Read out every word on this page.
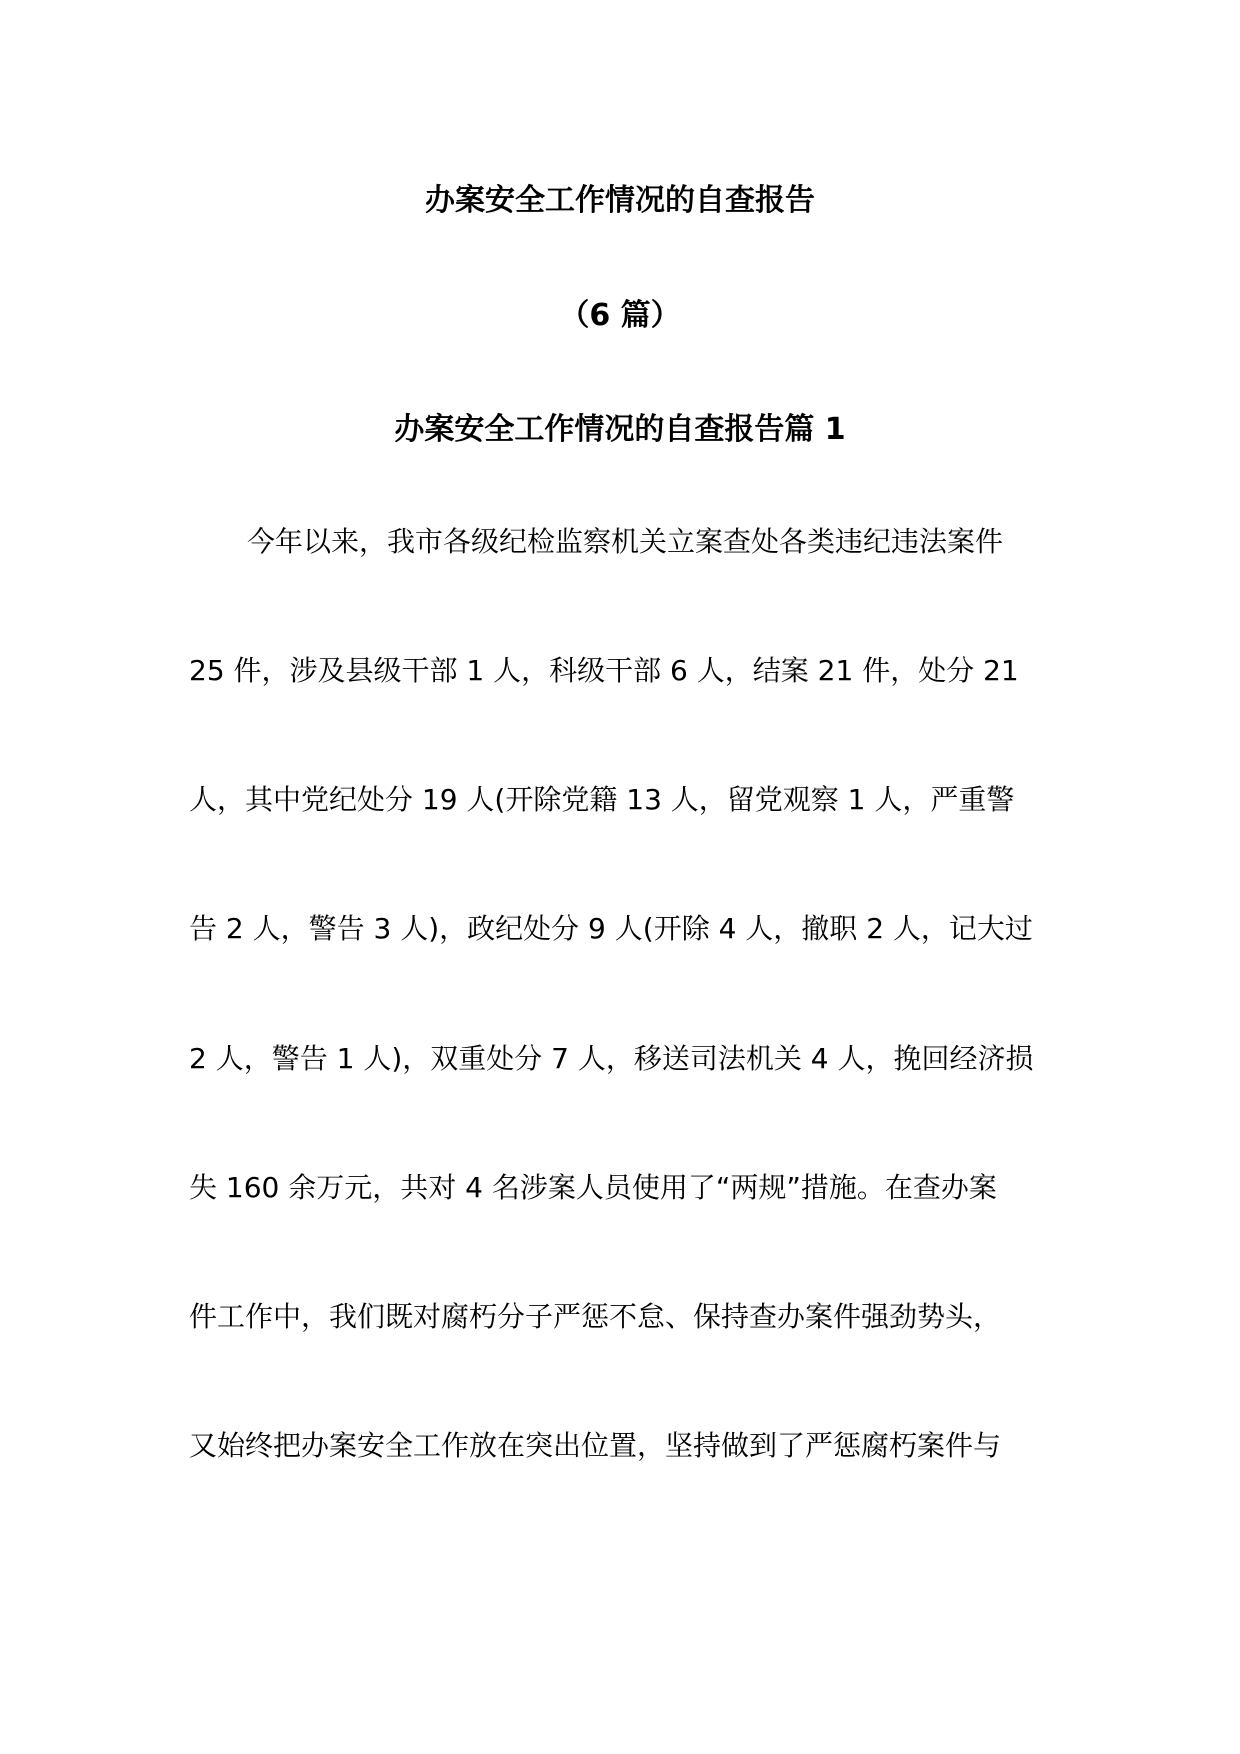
办案安全工作情况的自查报告
（6 篇）
办案安全工作情况的自查报告篇 1
今年以来，我市各级纪检监察机关立案查处各类违纪违法案件
25 件，涉及县级干部 1 人，科级干部 6 人，结案 21 件，处分 21
人，其中党纪处分 19 人(开除党籍 13 人，留党观察 1 人，严重警
告 2 人，警告 3 人)，政纪处分 9 人(开除 4 人，撤职 2 人，记大过
2 人，警告 1 人)，双重处分 7 人，移送司法机关 4 人，挽回经济损
失 160 余万元，共对 4 名涉案人员使用了“两规”措施。在查办案
件工作中，我们既对腐朽分子严惩不怠、保持查办案件强劲势头，
又始终把办案安全工作放在突出位置，坚持做到了严惩腐朽案件与
